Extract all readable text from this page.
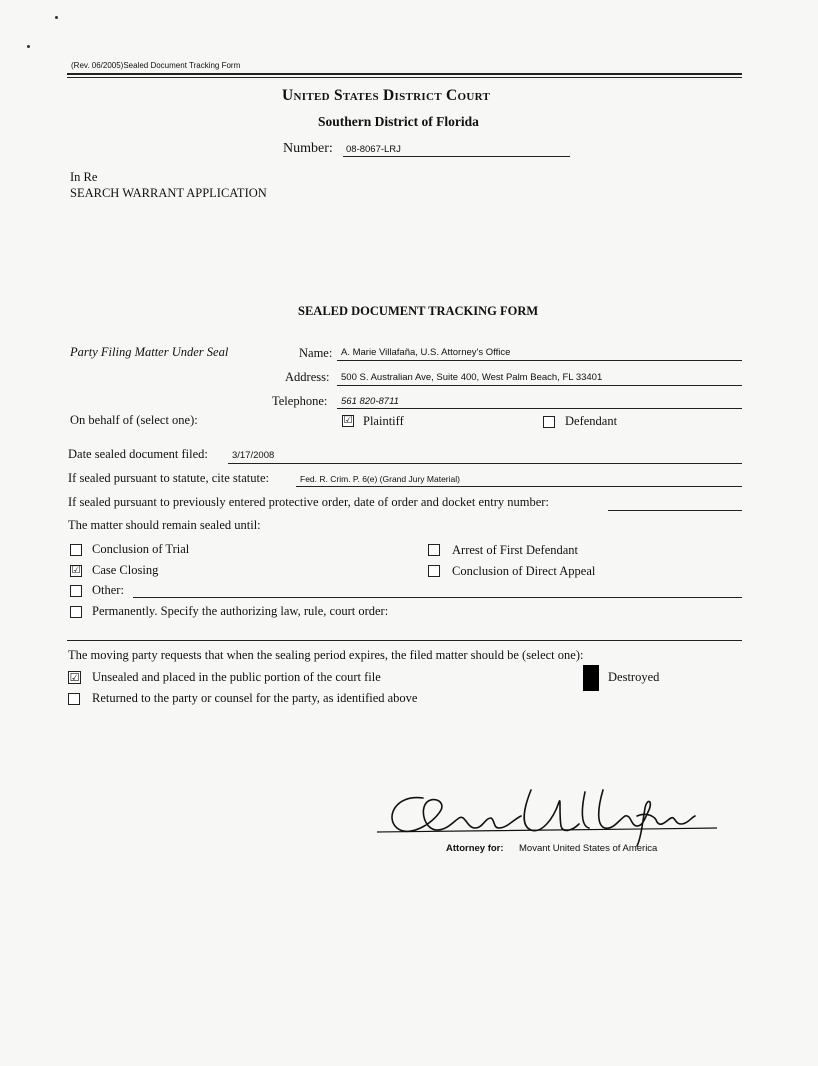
(Rev. 06/2005)Sealed Document Tracking Form
United States District Court
Southern District of Florida
Number: 08-8067-LRJ
In Re
SEARCH WARRANT APPLICATION
SEALED DOCUMENT TRACKING FORM
Party Filing Matter Under Seal	Name: A. Marie Villafaña, U.S. Attorney's Office
Address: 500 S. Australian Ave, Suite 400, West Palm Beach, FL 33401
Telephone: 561 820-8711
On behalf of (select one):	☑ Plaintiff	Defendant
Date sealed document filed:	3/17/2008
If sealed pursuant to statute, cite statute:	Fed. R. Crim. P. 6(e) (Grand Jury Material)
If sealed pursuant to previously entered protective order, date of order and docket entry number:
The matter should remain sealed until:
Conclusion of Trial	Arrest of First Defendant
☑ Case Closing	Conclusion of Direct Appeal
Other:
Permanently. Specify the authorizing law, rule, court order:
The moving party requests that when the sealing period expires, the filed matter should be (select one):
☑ Unsealed and placed in the public portion of the court file	Destroyed
Returned to the party or counsel for the party, as identified above
Attorney for: Movant United States of America
